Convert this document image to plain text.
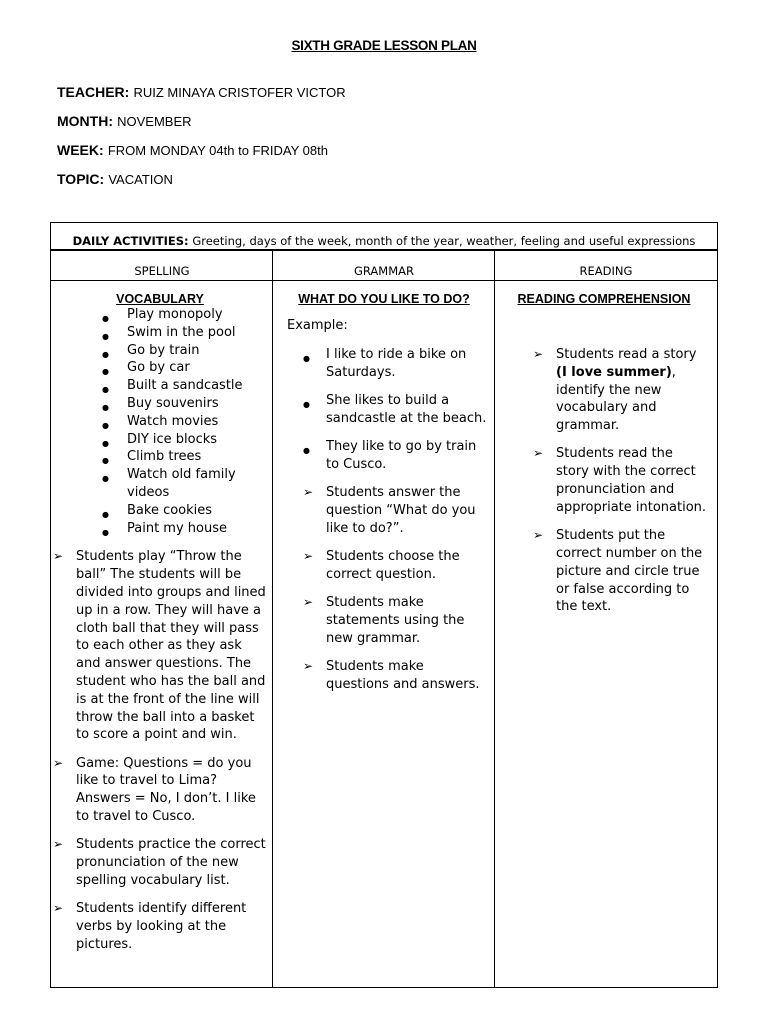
SIXTH GRADE LESSON PLAN
TEACHER: RUIZ MINAYA CRISTOFER VICTOR
MONTH: NOVEMBER
WEEK: FROM MONDAY 04th to FRIDAY 08th
TOPIC: VACATION
DAILY ACTIVITIES: Greeting, days of the week, month of the year, weather, feeling and useful expressions
SPELLING	GRAMMAR	READING
VOCABULARY
● Play monopoly
● Swim in the pool
● Go by train
● Go by car
● Built a sandcastle
● Buy souvenirs
● Watch movies
● DIY ice blocks
● Climb trees
● Watch old family videos
● Bake cookies
● Paint my house
➢ Students play “Throw the ball” The students will be divided into groups and lined up in a row. They will have a cloth ball that they will pass to each other as they ask and answer questions. The student who has the ball and is at the front of the line will throw the ball into a basket to score a point and win.
➢ Game: Questions = do you like to travel to Lima? Answers = No, I don’t. I like to travel to Cusco.
➢ Students practice the correct pronunciation of the new spelling vocabulary list.
➢ Students identify different verbs by looking at the pictures.
WHAT DO YOU LIKE TO DO?
Example:
● I like to ride a bike on Saturdays.
● She likes to build a sandcastle at the beach.
● They like to go by train to Cusco.
➢ Students answer the question “What do you like to do?”.
➢ Students choose the correct question.
➢ Students make statements using the new grammar.
➢ Students make questions and answers.
READING COMPREHENSION
➢ Students read a story (I love summer), identify the new vocabulary and grammar.
➢ Students read the story with the correct pronunciation and appropriate intonation.
➢ Students put the correct number on the picture and circle true or false according to the text.
